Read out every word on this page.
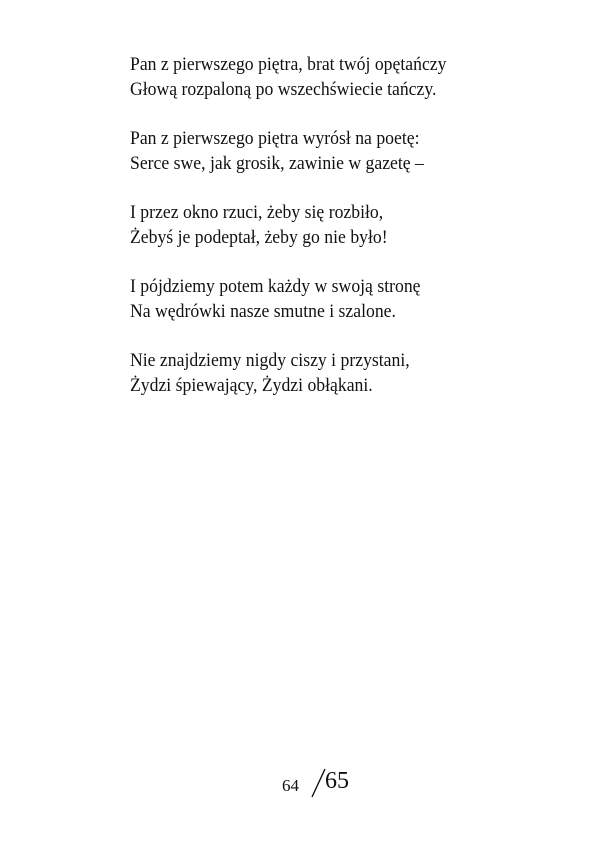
Pan z pierwszego piętra, brat twój opętańczy
Głową rozpaloną po wszechświecie tańczy.
Pan z pierwszego piętra wyrósł na poetę:
Serce swe, jak grosik, zawinie w gazetę –
I przez okno rzuci, żeby się rozbiło,
Żebyś je podeptał, żeby go nie było!
I pójdziemy potem każdy w swoją stronę
Na wędrówki nasze smutne i szalone.
Nie znajdziemy nigdy ciszy i przystani,
Żydzi śpiewający, Żydzi obłąkani.
64 65
